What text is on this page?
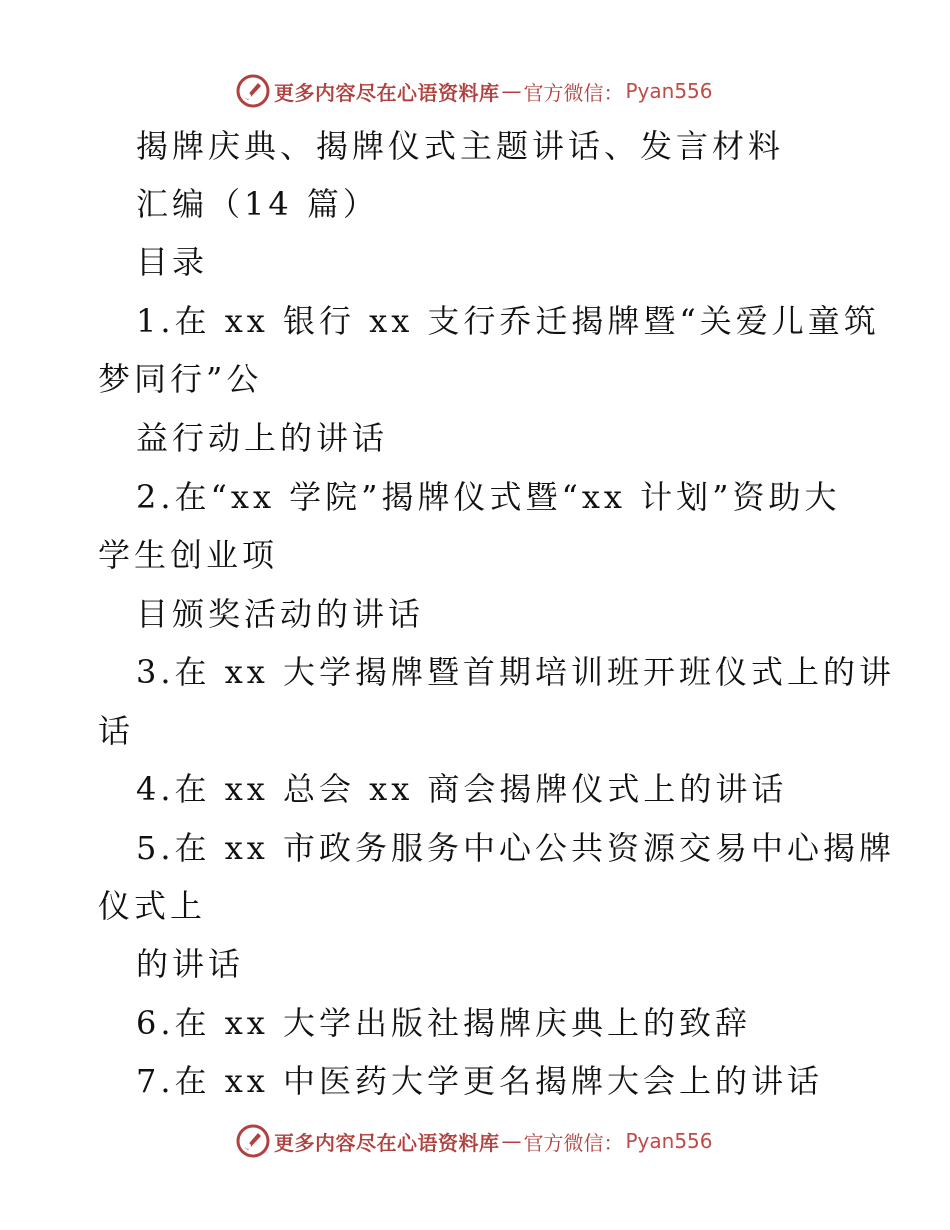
更多内容尽在心语资料库 — 官方微信： Pyan556
揭牌庆典、揭牌仪式主题讲话、发言材料
汇编（14 篇）
目录
1.在 xx 银行 xx 支行乔迁揭牌暨“关爱儿童筑
梦同行”公
益行动上的讲话
2.在“xx 学院”揭牌仪式暨“xx 计划”资助大
学生创业项
目颁奖活动的讲话
3.在 xx 大学揭牌暨首期培训班开班仪式上的讲
话
4.在 xx 总会 xx 商会揭牌仪式上的讲话
5.在 xx 市政务服务中心公共资源交易中心揭牌
仪式上
的讲话
6.在 xx 大学出版社揭牌庆典上的致辞
7.在 xx 中医药大学更名揭牌大会上的讲话
更多内容尽在心语资料库 — 官方微信： Pyan556
